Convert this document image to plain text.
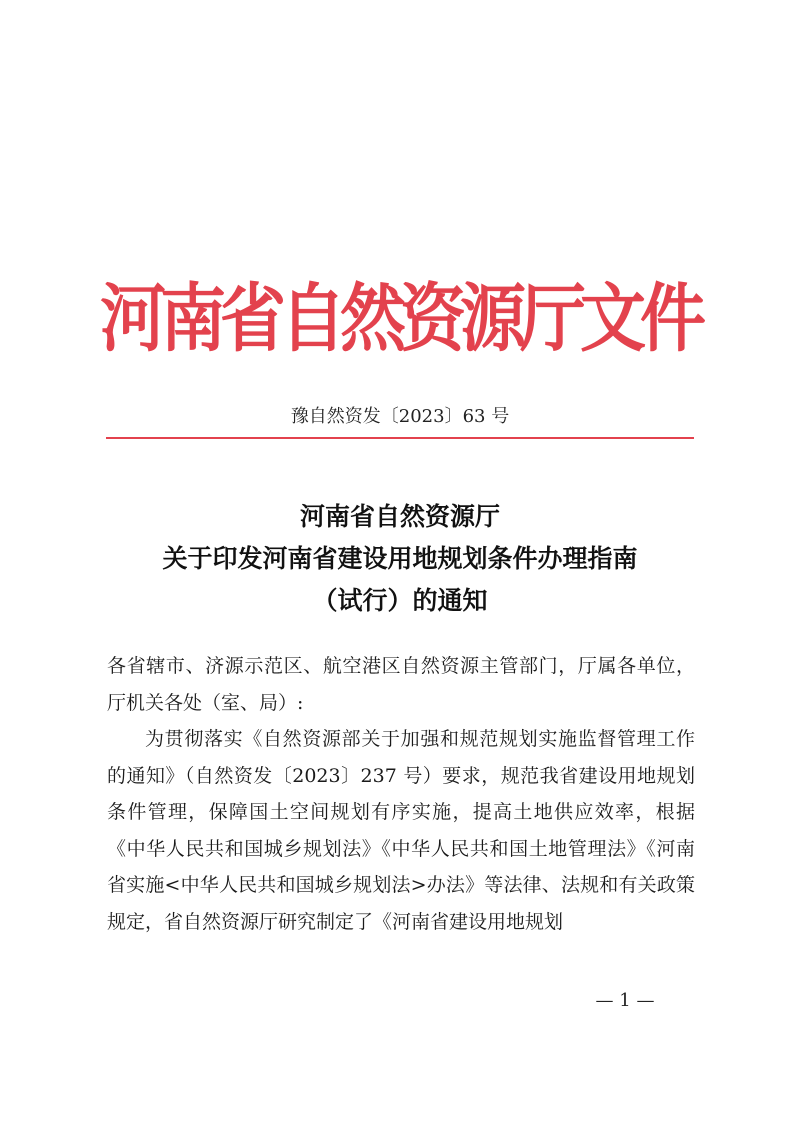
河南省自然资源厅文件
豫自然资发〔2023〕63 号
河南省自然资源厅
关于印发河南省建设用地规划条件办理指南
（试行）的通知

各省辖市、济源示范区、航空港区自然资源主管部门，厅属各单位，厅机关各处（室、局）:

为贯彻落实《自然资源部关于加强和规范规划实施监督管理工作的通知》（自然资发〔2023〕237 号）要求，规范我省建设用地规划条件管理，保障国土空间规划有序实施，提高土地供应效率，根据《中华人民共和国城乡规划法》《中华人民共和国土地管理法》《河南省实施<中华人民共和国城乡规划法>办法》等法律、法规和有关政策规定，省自然资源厅研究制定了《河南省建设用地规划

— 1 —
